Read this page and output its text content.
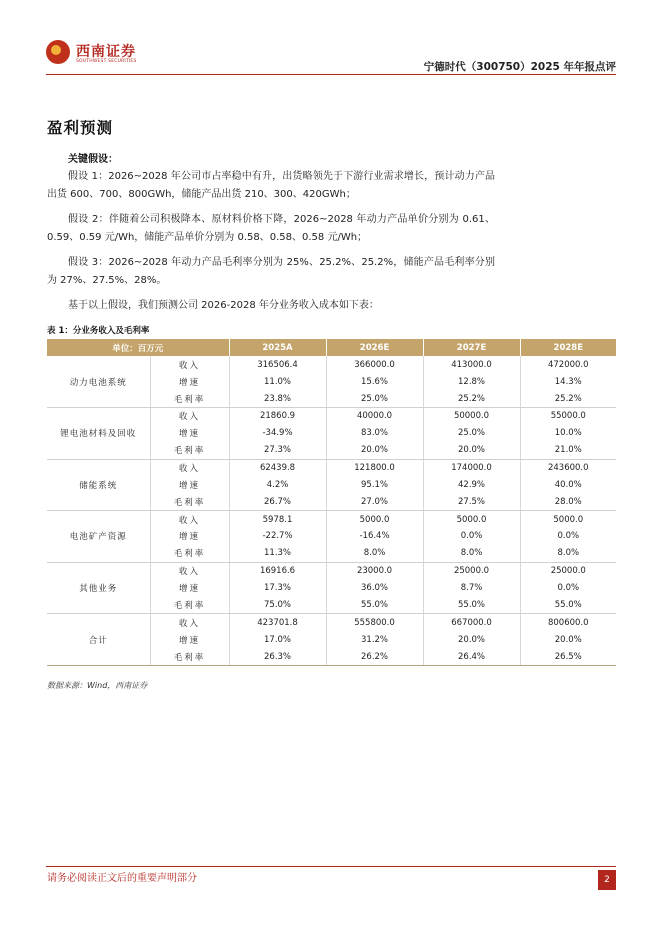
西南证券
SOUTHWEST SECURITIES	宁德时代（300750）2025 年年报点评
盈利预测
关键假设：

假设 1：2026~2028 年公司市占率稳中有升，出货略领先于下游行业需求增长，预计动力产品出货 600、700、800GWh，储能产品出货 210、300、420GWh；

假设 2：伴随着公司积极降本、原材料价格下降，2026~2028 年动力产品单价分别为 0.61、0.59、0.59 元/Wh，储能产品单价分别为 0.58、0.58、0.58 元/Wh；

假设 3：2026~2028 年动力产品毛利率分别为 25%、25.2%、25.2%，储能产品毛利率分别为 27%、27.5%、28%。

基于以上假设，我们预测公司 2026-2028 年分业务收入成本如下表：

表 1：分业务收入及毛利率
单位：百万元		2025A	2026E	2027E	2028E
动力电池系统	收入	316506.4	366000.0	413000.0	472000.0
	增速	11.0%	15.6%	12.8%	14.3%
	毛利率	23.8%	25.0%	25.2%	25.2%
锂电池材料及回收	收入	21860.9	40000.0	50000.0	55000.0
	增速	-34.9%	83.0%	25.0%	10.0%
	毛利率	27.3%	20.0%	20.0%	21.0%
储能系统	收入	62439.8	121800.0	174000.0	243600.0
	增速	4.2%	95.1%	42.9%	40.0%
	毛利率	26.7%	27.0%	27.5%	28.0%
电池矿产资源	收入	5978.1	5000.0	5000.0	5000.0
	增速	-22.7%	-16.4%	0.0%	0.0%
	毛利率	11.3%	8.0%	8.0%	8.0%
其他业务	收入	16916.6	23000.0	25000.0	25000.0
	增速	17.3%	36.0%	8.7%	0.0%
	毛利率	75.0%	55.0%	55.0%	55.0%
合计	收入	423701.8	555800.0	667000.0	800600.0
	增速	17.0%	31.2%	20.0%	20.0%
	毛利率	26.3%	26.2%	26.4%	26.5%
数据来源：Wind，西南证券
请务必阅读正文后的重要声明部分	2
